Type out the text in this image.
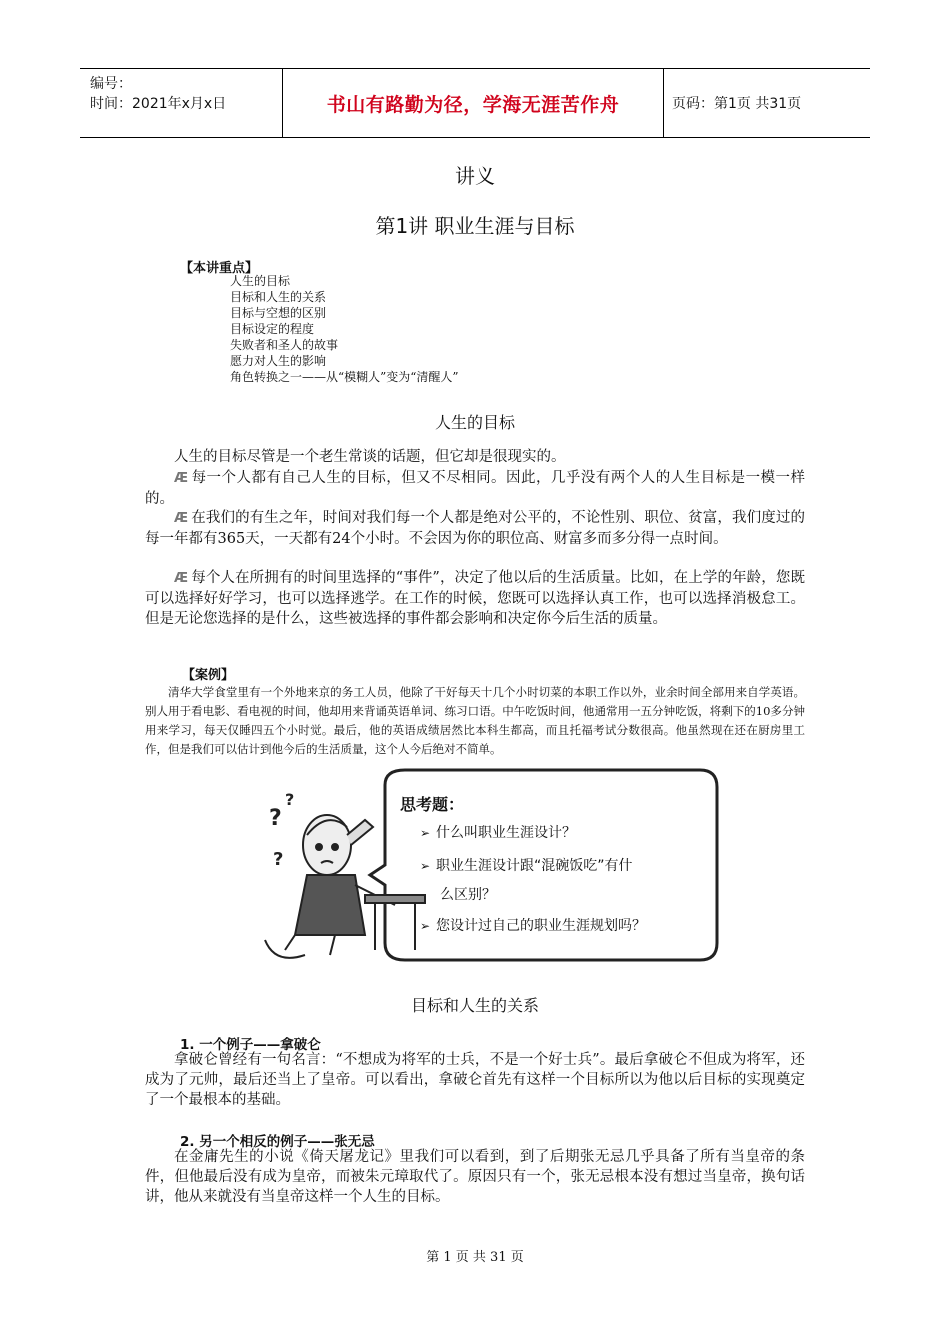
编号：
时间：2021年x月x日	书山有路勤为径，学海无涯苦作舟	页码：第1页 共31页
讲义
第1讲 职业生涯与目标
【本讲重点】
人生的目标
目标和人生的关系
目标与空想的区别
目标设定的程度
失败者和圣人的故事
愿力对人生的影响
角色转换之一——从“模糊人”变为“清醒人”
人生的目标

人生的目标尽管是一个老生常谈的话题，但它却是很现实的。

Æ 每一个人都有自己人生的目标，但又不尽相同。因此，几乎没有两个人的人生目标是一模一样的。

Æ 在我们的有生之年，时间对我们每一个人都是绝对公平的，不论性别、职位、贫富，我们度过的每一年都有365天，一天都有24个小时。不会因为你的职位高、财富多而多分得一点时间。

Æ 每个人在所拥有的时间里选择的“事件”，决定了他以后的生活质量。比如，在上学的年龄，您既可以选择好好学习，也可以选择逃学。在工作的时候，您既可以选择认真工作，也可以选择消极怠工。但是无论您选择的是什么，这些被选择的事件都会影响和决定你今后生活的质量。

【案例】

清华大学食堂里有一个外地来京的务工人员，他除了干好每天十几个小时切菜的本职工作以外，业余时间全部用来自学英语。别人用于看电影、看电视的时间，他却用来背诵英语单词、练习口语。中午吃饭时间，他通常用一五分钟吃饭，将剩下的10多分钟用来学习，每天仅睡四五个小时觉。最后，他的英语成绩居然比本科生都高，而且托福考试分数很高。他虽然现在还在厨房里工作，但是我们可以估计到他今后的生活质量，这个人今后绝对不简单。

?
?
?
思考题：
➢ 什么叫职业生涯设计？
➢ 职业生涯设计跟“混碗饭吃”有什
么区别？
➢ 您设计过自己的职业生涯规划吗？
目标和人生的关系
1. 一个例子——拿破仑

拿破仑曾经有一句名言：“不想成为将军的士兵，不是一个好士兵”。最后拿破仑不但成为将军，还成为了元帅，最后还当上了皇帝。可以看出，拿破仑首先有这样一个目标所以为他以后目标的实现奠定了一个最根本的基础。

2. 另一个相反的例子——张无忌

在金庸先生的小说《倚天屠龙记》里我们可以看到，到了后期张无忌几乎具备了所有当皇帝的条件，但他最后没有成为皇帝，而被朱元璋取代了。原因只有一个，张无忌根本没有想过当皇帝，换句话讲，他从来就没有当皇帝这样一个人生的目标。

第 1 页 共 31 页
